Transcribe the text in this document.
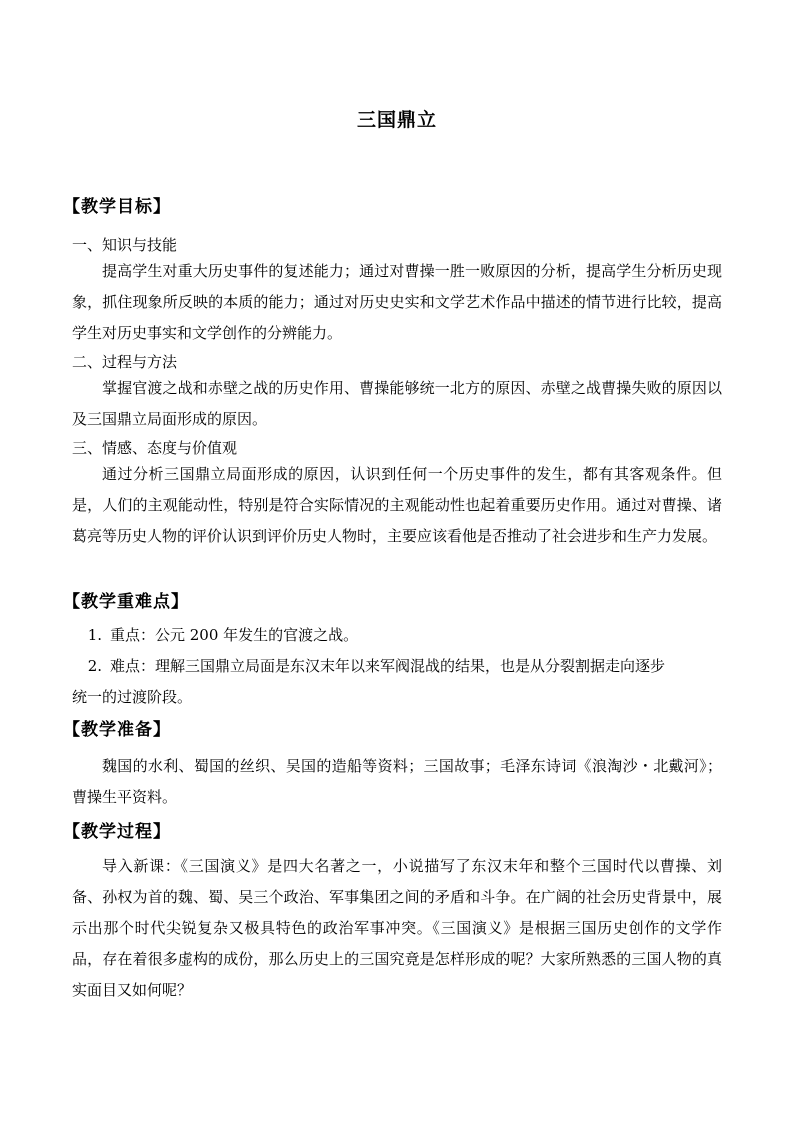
三国鼎立
【教学目标】
一、知识与技能
提高学生对重大历史事件的复述能力；通过对曹操一胜一败原因的分析，提高学生分析历史现象，抓住现象所反映的本质的能力；通过对历史史实和文学艺术作品中描述的情节进行比较，提高学生对历史事实和文学创作的分辨能力。
二、过程与方法
掌握官渡之战和赤壁之战的历史作用、曹操能够统一北方的原因、赤壁之战曹操失败的原因以及三国鼎立局面形成的原因。
三、情感、态度与价值观
通过分析三国鼎立局面形成的原因，认识到任何一个历史事件的发生，都有其客观条件。但是，人们的主观能动性，特别是符合实际情况的主观能动性也起着重要历史作用。通过对曹操、诸葛亮等历史人物的评价认识到评价历史人物时，主要应该看他是否推动了社会进步和生产力发展。
【教学重难点】
1. 重点：公元 200 年发生的官渡之战。
2. 难点：理解三国鼎立局面是东汉末年以来军阀混战的结果，也是从分裂割据走向逐步
统一的过渡阶段。
【教学准备】
魏国的水利、蜀国的丝织、吴国的造船等资料；三国故事；毛泽东诗词《浪淘沙・北戴河》；曹操生平资料。
【教学过程】
导入新课：《三国演义》是四大名著之一，小说描写了东汉末年和整个三国时代以曹操、刘备、孙权为首的魏、蜀、吴三个政治、军事集团之间的矛盾和斗争。在广阔的社会历史背景中，展示出那个时代尖锐复杂又极具特色的政治军事冲突。《三国演义》是根据三国历史创作的文学作品，存在着很多虚构的成份，那么历史上的三国究竟是怎样形成的呢？大家所熟悉的三国人物的真实面目又如何呢？
